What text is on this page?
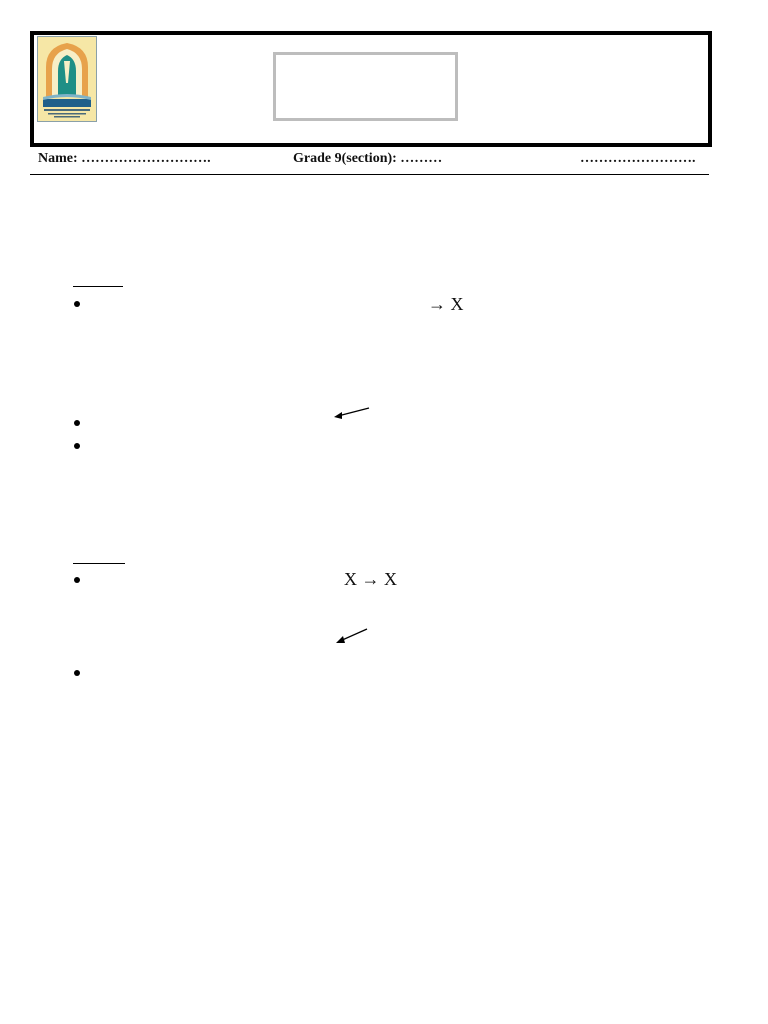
Name: ……………………….	Grade 9(section): ………	…………………….
→ X
X → X
